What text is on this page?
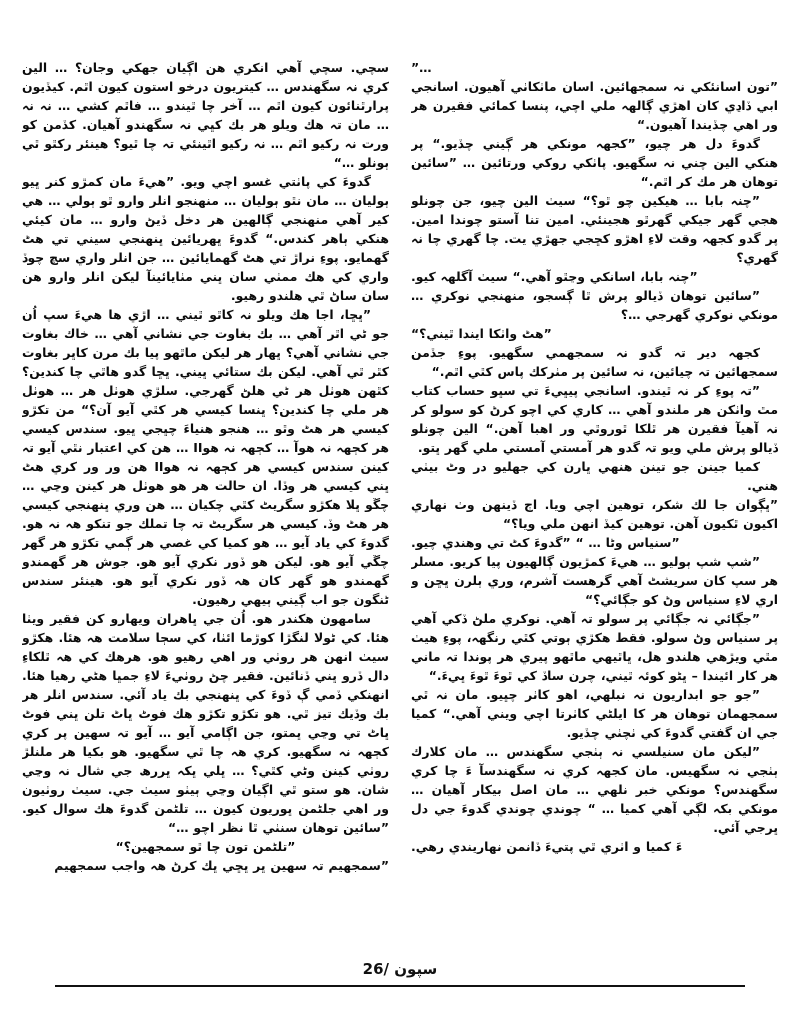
…”

”تون اسانئكي نہ سمجھائين. اسان ماٺكاٺي آھيون. اسانجي ابي ڏاڍي كان اھڙي ڳالھہ ملي اچي، پنسا كمائي فقيرن ھر ور اھي چڏيندا آھيون.“

گدوءَ دل ھر چيو، ”كجھہ مونكي ھر ڳيني چڏيو.“ پر ھنكي الين چني نہ سگھيو. پاٺكي روكي ورتائين … ”سائين توھان ھر مك كر اٿم.“

”چنہ بابا … ھيكين چو ٿو؟“ سيٺ الين چيو، جن چونلو ھجي گھر جيكي گھرٿو ھجينئي. امين تنا آستو چوندا امين. پر گدو كجھہ وقت لاءِ اھڙو كڇجي جھڙي يت. چا گھري چا نہ گھري؟

”چنہ بابا، اسانكي وڃٿو آھي.“ سيٺ آگلھہ كيو.

”سائين توھان ڏيالو پرش ٿا ڳسجو، منھنجي نوكري … مونكي نوكري گھرجي …؟

”ھٹ واٺكا ايندا ٿيني؟“

كجھہ دير تہ گدو نہ سمجھمي سگھيو. پوءِ جڏمن سمجھائين تہ چيائين، نہ سائين پر مٺركك پاس كٿي اٿم.“

”تہ پوءِ كر نہ ٿيندو. اسانجي پيڀيءَ تي سڀو حساب كتاب مٿ واٺكن ھر ملندو آھي … كاري كي اچو كرڻ كو سولو كر نہ آھيآ فقيرن ھر ٿلكا ٿوروٿي ور اھبا آھن.“ الين چونلو ڏيالو پرش ملي ويو تہ گدو ھر آمستي آمستي ملي گھر ڀتو.

كميا جينن جو تينن ھنھي ڀارن كي جھليو در وٹ بيٺي ھني.

”ڀڳوان جا لك شكر، توھين اچي ويا. اڄ ڏينھن وٺ نھاري اكيون ٿكيون آھن. توھين كيڏ انھن ملي ويا؟“

”سنياس وڻا … “ ”گدوءَ كٹ تي وھندي چيو.

”شپ شپ ٻوليو … ھيءَ كمڙيون ڳالھيون پيا كريو. مسلر ھر سپ كان سريشٹ آھي گرھست آشرم، وري ٻلرن ڀڇن و اري لاءِ سنياس وڻ كو جڳائي؟“

”جڳائي نہ جڳائي پر سولو تہ آھي. نوكري ملڻ ڏكي آھي پر سنياس وڻ سولو. فقط ھكڙي ٻوتي كٿي رنگھہ، پوءِ ھيٺ مٿي ويڙھي ھلندو ھل، ڀاٿيھي ماٿھو پيري ھر پوندا تہ ماني ھر كار ائيندا – ڀٹو كوئہ ٿيني، چرن ساڏ كي ٿوءَ ٿوءَ ڀيءَ.“

”جو جو ابداريون نہ نبلھي، اھو كاٺر چڀيو. مان نہ ٿي سمجھمان توھان ھر كا ايلڻي كاٺرتا اچي ويني آھي.“ كميا جي ان گفتي گدوءَ كي ٺچٺي چڏيو.

”ليكن مان سنيلسي نہ ٻٺجي سگھندس … مان كلارك ٻٺجي نہ سگھيس. مان كجھہ كري نہ سگھندسآ ءَ چا كري سگھندس؟ مونكي خبر نلھي … مان اصل بيكار آھيان … مونكي بكہ لڳي آھي كميا … “ چوندي چوندي گدوءَ جي دل ڀرجي آئي.

ءَ كميا و اٺري ٿي پتيءَ ڏانمن نھاريندي رھي.

سچي. سچي آھي انكري ھن اڳيان جھكي وجان؟ … الين كري نہ سگھندس … كيتريون درخو استون كيون اٿم. كيڏيون پرارٿنائون كيون اٿم … آخر چا ٿيندو … فاٿم كشي … نہ نہ … مان تہ ھك ويلو ھر بك كڀي نہ سگھندو آھيان. كڏمن كو ورت نہ ركيو اٿم … نہ ركيو اٿينئي تہ چا ٿيو؟ ھينئر ركٿو ٿي ٻونلو …“

گدوءَ كي پاٺتي غسو اچي ويو. ”ھيءَ مان كمڙو كنر ڀيو ٻوليان … مان نٿو ٻوليان … منھنجو انلر وارو ٿو ٻولي … ھي كير آھي منھنجي ڳالھين ھر دخل ڏيڻ وارو … مان كيئي ھنكي ٻاھر كندس.“ گدوءَ ڀھريائين ڀنھنجي سيني تي ھٹ گھمايو. پوءِ نراڙ تي ھٹ گھمايائين … جن انلر واري سچ چوڏ واري كي ھك ممٺي سان ڀني مٺايائينآ ليكن انلر وارو ھن سان ساڻ ٿي ھلندو رھيو.

”ڀڇا، اجا ھك ويلو نہ كاٿو ٿيني … اڙي ھا ھيءَ سپ اُن جو ٹي اٿر آھي … بك بغاوت جي نشاني آھي … خاك بغاوت جي نشاني آھي؟ ڀھار ھر ليكن ماٿھو پيا بك مرن كاڀر بغاوت كٿر ٿي آھي. ليكن بك ستائي ڀيني. ڀڇا گدو ھاٿي چا كندين؟ كٿھن ھوٺل ھر ٹي ھلڻ گھرجي. سلڙي ھوٺل ھر … ھوٺل ھر ملي چا كندين؟ ڀنسا كيسي ھر كٿي آيو آن؟“ من تكڙو كيسي ھر ھٹ وٿو … ھنجو ھنياءَ چڀجي ڀيو. سندس كيسي ھر كڄھہ نہ ھوآ … كڄھہ نہ ھوII … ھن كي اعتبار نٿي آيو تہ كينن سندس كيسي ھر كڄھہ نہ ھوII ھن ور ور كري ھٹ ڀني كيسي ھر وڏا. ان حالت ھر ھو ھوٺل ھر كينن وڃي … چڱو ڀلا ھكڙو سگريٹ كٿي چكيان … ھن وري ڀنھنجي كيسي ھر ھٹ وڏ. كيسي ھر سگريٹ تہ چا تملك جو تنكو ھہ نہ ھو. گدوءَ كي ياد آيو … ھو كميا كي غصي ھر ڳمي تكڙو ھر گھر چڱي آيو ھو. ليكن ھو ڏور نكري آيو ھو. جوش ھر گھمندو گھمندو ھو گھر كان ھہ ڏور نكري آيو ھو. ھينئر سندس ٹنگون جو اب ڳيني ٻيھي رھيون.

سامھون ھكندر ھو. اُن جي ڀاھران ويھارو كن فقير ويٺا ھئا. كي ٹولا لنگڙا كوڙما ائٺا، كي سڄا سلامت ھہ ھئا. ھكڙو سيٺ انھن ھر روٺي ور اھي رھيو ھو. ھرھك كي ھہ ٿلكاءِ دال ڏرو ڀني ڏنائين. فقير چڻ روٺيءَ لاءِ جمڀا ھٹي رھيا ھئا. انھنكي ڏمي ڳ ڏوءَ كي ڀنھنجي بك ياد آئي. سندس انلر ھر بك وڏيك تيز ٿي. ھو تكڙو تكڙو ھك فوٹ ڀاٹ تلن ڀني فوٹ ڀاٹ تي وڃي ڀمتو، جن اڳامي آيو … آيو تہ سھين پر كري كڄھہ نہ سگھيو. كري ھہ چا ٿي سگھيو. ھو بكيا ھر ملنلڙ روٺي كينن وڻي كٿي؟ … ڀلي ڀكہ ڀررھ جي شال نہ وڃي شان. ھو ستو ٿي اڳيان وڃي ٻيٺو سيٺ جي. سيٺ روٺيون ور اھي جلٹمن ڀوريون كيون … تلٹمن گدوءَ ھك سوال كيو. ”سائين توھان سنٺي ٿا نظر اچو …“

”تلٹمن تون چا ٿو سمجھين؟“

”سمجھيم تہ سھين ڀر ڀڇي ڀك كرڻ ھہ واجب سمجھيم

سپون /26
